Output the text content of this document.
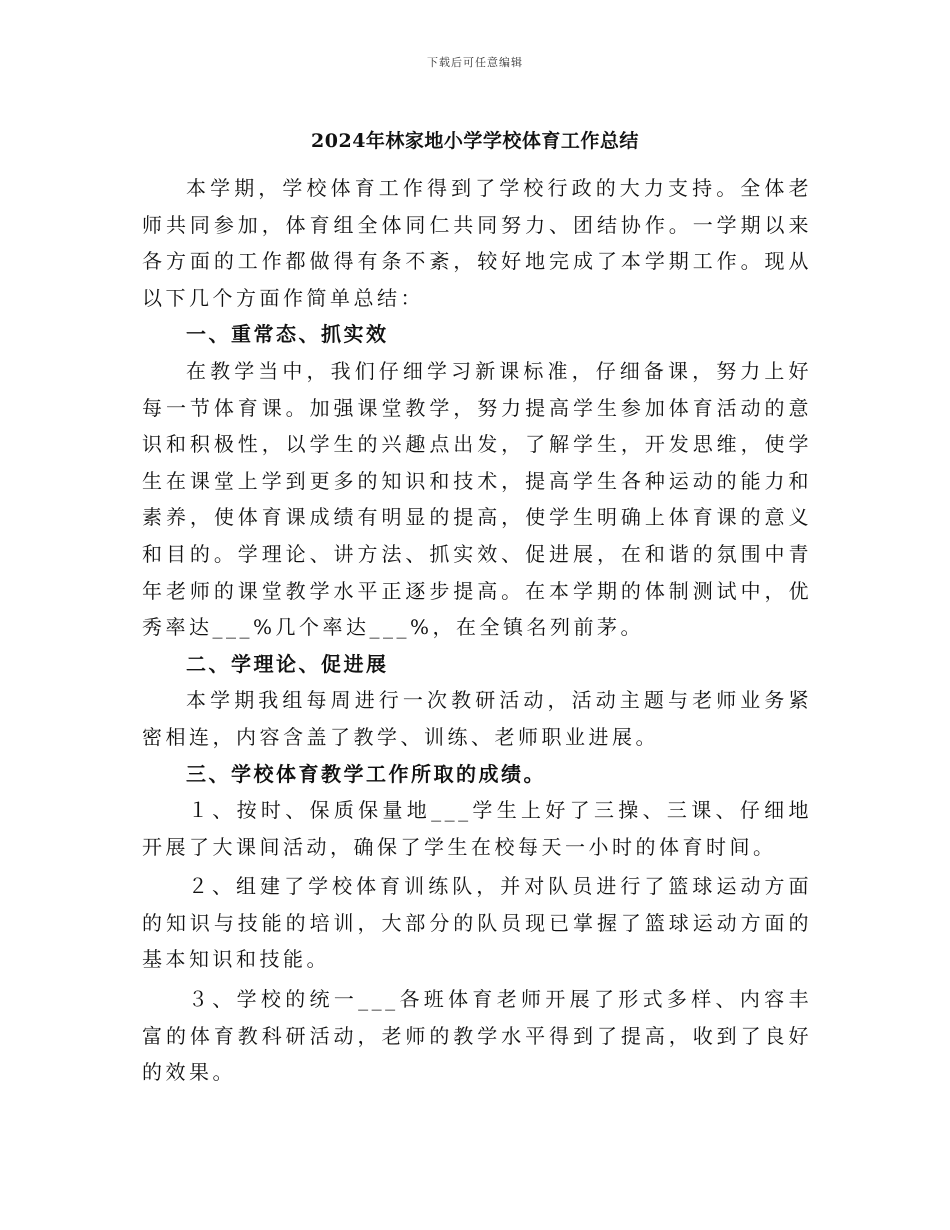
下载后可任意编辑
2024年林家地小学学校体育工作总结

本学期，学校体育工作得到了学校行政的大力支持。全体老师共同参加，体育组全体同仁共同努力、团结协作。一学期以来各方面的工作都做得有条不紊，较好地完成了本学期工作。现从以下几个方面作简单总结：

一、重常态、抓实效

在教学当中，我们仔细学习新课标准，仔细备课，努力上好每一节体育课。加强课堂教学，努力提高学生参加体育活动的意识和积极性，以学生的兴趣点出发，了解学生，开发思维，使学生在课堂上学到更多的知识和技术，提高学生各种运动的能力和素养，使体育课成绩有明显的提高，使学生明确上体育课的意义和目的。学理论、讲方法、抓实效、促进展，在和谐的氛围中青年老师的课堂教学水平正逐步提高。在本学期的体制测试中，优秀率达___%几个率达___%，在全镇名列前茅。

二、学理论、促进展

本学期我组每周进行一次教研活动，活动主题与老师业务紧密相连，内容含盖了教学、训练、老师职业进展。

三、学校体育教学工作所取的成绩。

１、按时、保质保量地___学生上好了三操、三课、仔细地开展了大课间活动，确保了学生在校每天一小时的体育时间。

２、组建了学校体育训练队，并对队员进行了篮球运动方面的知识与技能的培训，大部分的队员现已掌握了篮球运动方面的基本知识和技能。

３、学校的统一___各班体育老师开展了形式多样、内容丰富的体育教科研活动，老师的教学水平得到了提高，收到了良好的效果。
